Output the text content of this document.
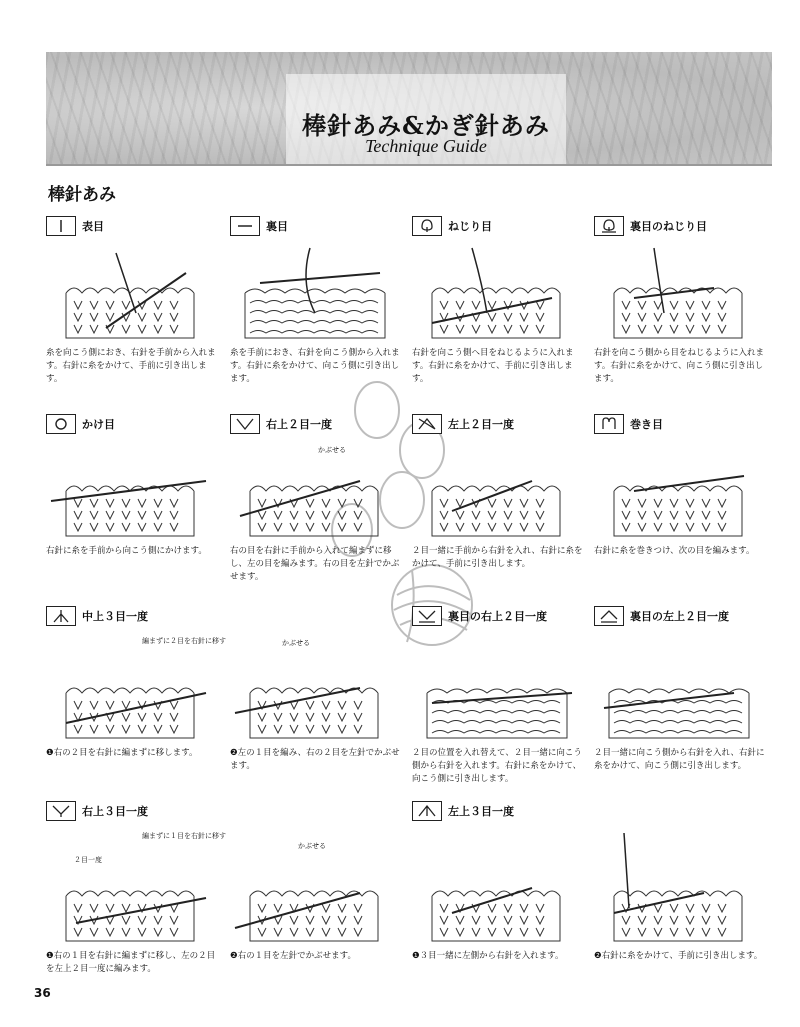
棒針あみ&かぎ針あみ
Technique Guide
棒針あみ
表目
糸を向こう側におき、右針を手前から入れます。右針に糸をかけて、手前に引き出します。
裏目
糸を手前におき、右針を向こう側から入れます。右針に糸をかけて、向こう側に引き出します。
ねじり目
右針を向こう側へ目をねじるように入れます。右針に糸をかけて、手前に引き出します。
裏目のねじり目
右針を向こう側から目をねじるように入れます。右針に糸をかけて、向こう側に引き出します。
かけ目
右針に糸を手前から向こう側にかけます。
右上２目一度
右の目を右針に手前から入れて編まずに移し、左の目を編みます。右の目を左針でかぶせます。
かぶせる
左上２目一度
２目一緒に手前から右針を入れ、右針に糸をかけて、手前に引き出します。
巻き目
右針に糸を巻きつけ、次の目を編みます。
中上３目一度
❶右の２目を右針に編まずに移します。
編まずに２目を右針に移す
❷左の１目を編み、右の２目を左針でかぶせます。
かぶせる
裏目の右上２目一度
２目の位置を入れ替えて、２目一緒に向こう側から右針を入れます。右針に糸をかけて、向こう側に引き出します。
裏目の左上２目一度
２目一緒に向こう側から右針を入れ、右針に糸をかけて、向こう側に引き出します。
右上３目一度
❶右の１目を右針に編まずに移し、左の２目を左上２目一度に編みます。
編まずに１目を右針に移す
２目一度
❷右の１目を左針でかぶせます。
かぶせる
左上３目一度
❶３目一緒に左側から右針を入れます。	❷右針に糸をかけて、手前に引き出します。
36
